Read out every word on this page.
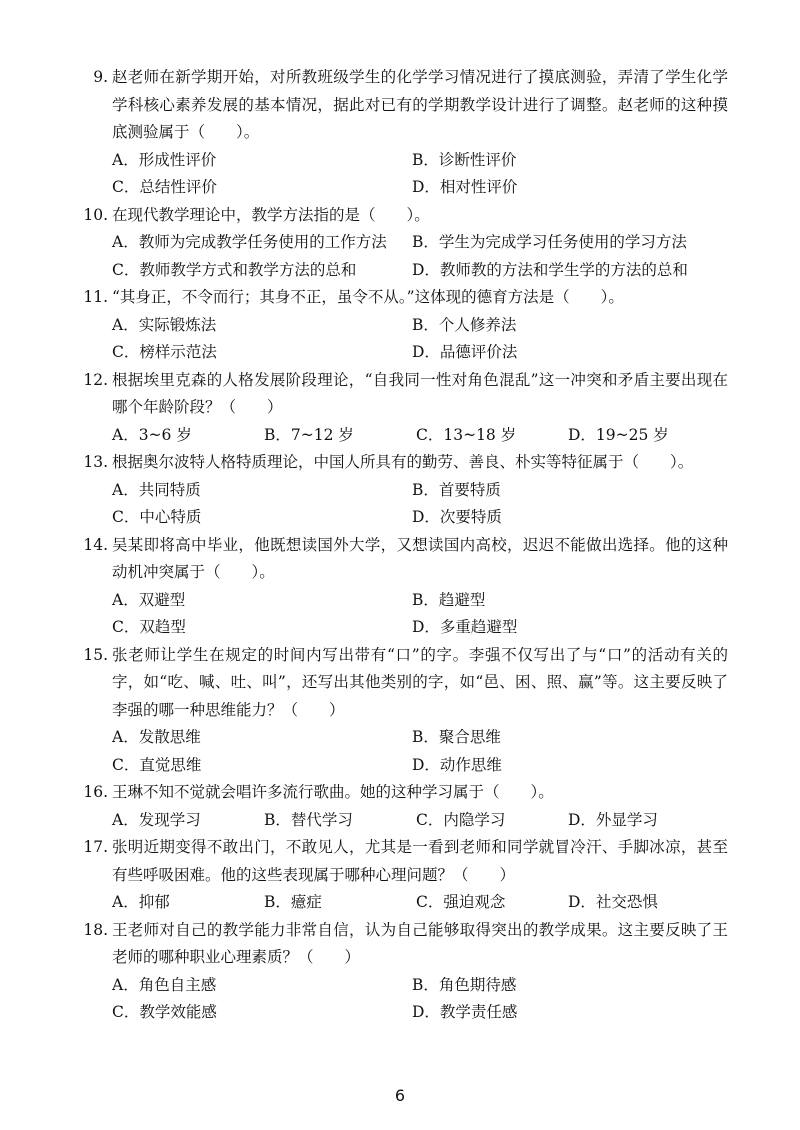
9. 赵老师在新学期开始，对所教班级学生的化学学习情况进行了摸底测验，弄清了学生化学学科核心素养发展的基本情况，据此对已有的学期教学设计进行了调整。赵老师的这种摸底测验属于（　　）。
A．形成性评价	B．诊断性评价
C．总结性评价	D．相对性评价
10. 在现代教学理论中，教学方法指的是（　　）。
A．教师为完成教学任务使用的工作方法	B．学生为完成学习任务使用的学习方法
C．教师教学方式和教学方法的总和	D．教师教的方法和学生学的方法的总和
11. “其身正，不令而行；其身不正，虽令不从。”这体现的德育方法是（　　）。
A．实际锻炼法	B．个人修养法
C．榜样示范法	D．品德评价法
12. 根据埃里克森的人格发展阶段理论，“自我同一性对角色混乱”这一冲突和矛盾主要出现在哪个年龄阶段？（　　）
A．3~6 岁	B．7~12 岁	C．13~18 岁	D．19~25 岁
13. 根据奥尔波特人格特质理论，中国人所具有的勤劳、善良、朴实等特征属于（　　）。
A．共同特质	B．首要特质
C．中心特质	D．次要特质
14. 吴某即将高中毕业，他既想读国外大学，又想读国内高校，迟迟不能做出选择。他的这种动机冲突属于（　　）。
A．双避型	B．趋避型
C．双趋型	D．多重趋避型
15. 张老师让学生在规定的时间内写出带有“口”的字。李强不仅写出了与“口”的活动有关的字，如“吃、喊、吐、叫”，还写出其他类别的字，如“邑、困、照、赢”等。这主要反映了李强的哪一种思维能力？（　　）
A．发散思维	B．聚合思维
C．直觉思维	D．动作思维
16. 王琳不知不觉就会唱许多流行歌曲。她的这种学习属于（　　）。
A．发现学习	B．替代学习	C．内隐学习	D．外显学习
17. 张明近期变得不敢出门，不敢见人，尤其是一看到老师和同学就冒冷汗、手脚冰凉，甚至有些呼吸困难。他的这些表现属于哪种心理问题？（　　）
A．抑郁	B．癔症	C．强迫观念	D．社交恐惧
18. 王老师对自己的教学能力非常自信，认为自己能够取得突出的教学成果。这主要反映了王老师的哪种职业心理素质？（　　）
A．角色自主感	B．角色期待感
C．教学效能感	D．教学责任感
6
